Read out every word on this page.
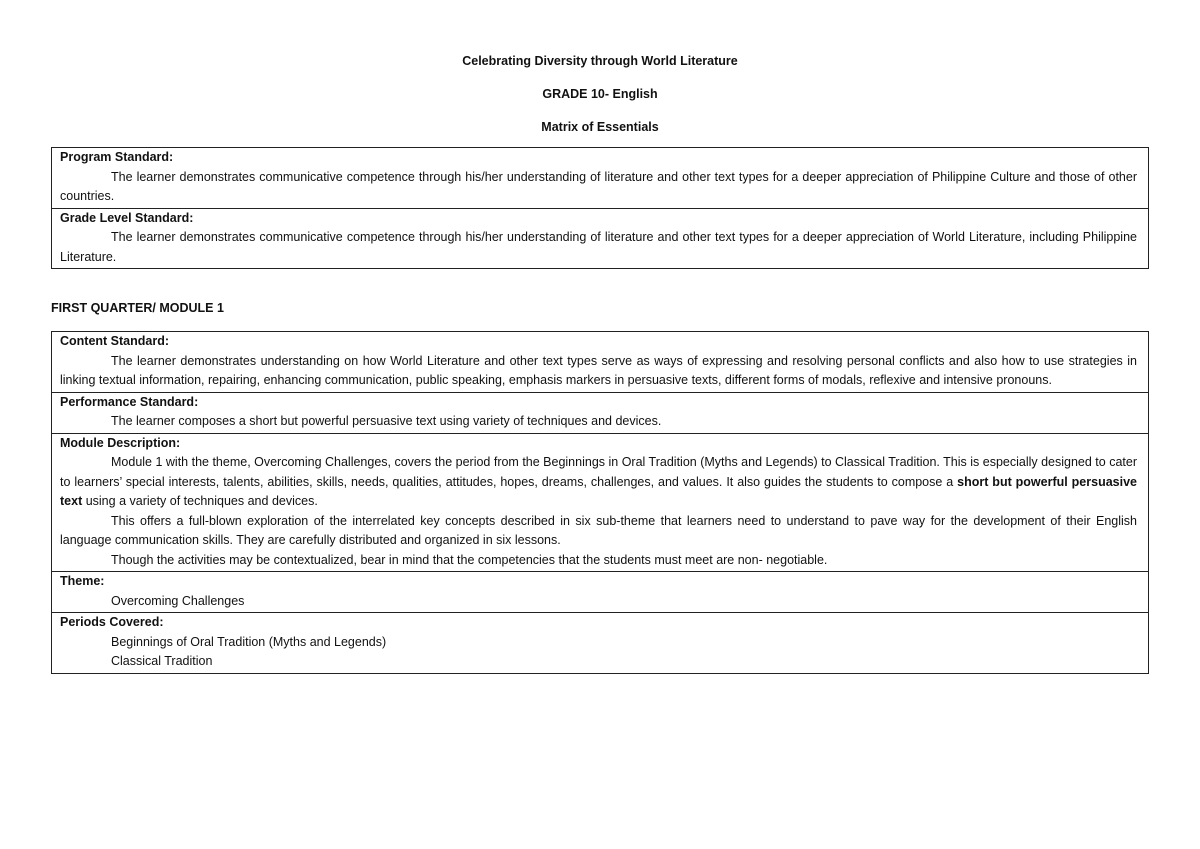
Celebrating Diversity through World Literature
GRADE 10- English
Matrix of Essentials
Program Standard:

The learner demonstrates communicative competence through his/her understanding of literature and other text types for a deeper appreciation of Philippine Culture and those of other countries.

Grade Level Standard:

The learner demonstrates communicative competence through his/her understanding of literature and other text types for a deeper appreciation of World Literature, including Philippine Literature.

FIRST QUARTER/ MODULE 1
Content Standard:

The learner demonstrates understanding on how World Literature and other text types serve as ways of expressing and resolving personal conflicts and also how to use strategies in linking textual information, repairing, enhancing communication, public speaking, emphasis markers in persuasive texts, different forms of modals, reflexive and intensive pronouns.

Performance Standard:

The learner composes a short but powerful persuasive text using variety of techniques and devices.

Module Description:

Module 1 with the theme, Overcoming Challenges, covers the period from the Beginnings in Oral Tradition (Myths and Legends) to Classical Tradition. This is especially designed to cater to learners’ special interests, talents, abilities, skills, needs, qualities, attitudes, hopes, dreams, challenges, and values. It also guides the students to compose a short but powerful persuasive text using a variety of techniques and devices.

This offers a full-blown exploration of the interrelated key concepts described in six sub-theme that learners need to understand to pave way for the development of their English language communication skills. They are carefully distributed and organized in six lessons.

Though the activities may be contextualized, bear in mind that the competencies that the students must meet are non- negotiable.

Theme:
Overcoming Challenges
Periods Covered:
Beginnings of Oral Tradition (Myths and Legends)
Classical Tradition
